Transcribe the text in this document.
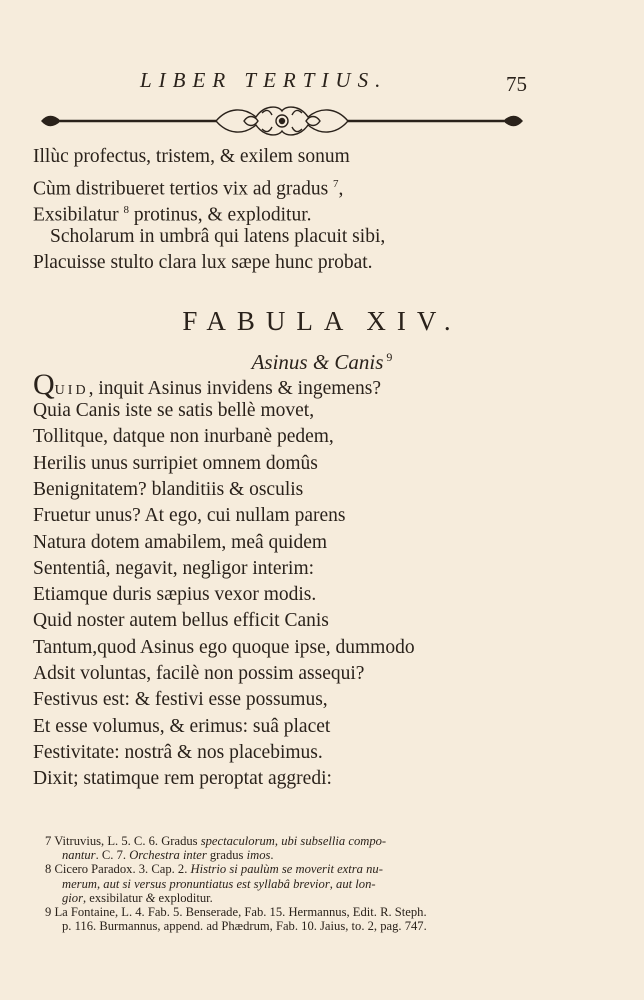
LIBER TERTIUS.	75
Illùc profectus, tristem, & exilem sonum
Cùm distribueret tertios vix ad gradus $^7$,
Exsibilatur $^8$ protinus, & exploditur.
Scholarum in umbrâ qui latens placuit sibi,
Placuisse stulto clara lux sæpe hunc probat.
FABULA XIV.
Asinus & Canis $^9$
QUID, inquit Asinus invidens & ingemens?
Quia Canis iste se satis bellè movet,
Tollitque, datque non inurbanè pedem,
Herilis unus surripiet omnem domûs
Benignitatem? blanditiis & osculis
Fruetur unus? At ego, cui nullam parens
Natura dotem amabilem, meâ quidem
Sententiâ, negavit, negligor interim:
Etiamque duris sæpius vexor modis.
Quid noster autem bellus efficit Canis
Tantum,quod Asinus ego quoque ipse, dummodo
Adsit voluntas, facilè non possim assequi?
Festivus est: & festivi esse possumus,
Et esse volumus, & erimus: suâ placet
Festivitate: nostrâ & nos placebimus.
Dixit; statimque rem peroptat aggredi:
7 Vitruvius, L. 5. C. 6. Gradus spectaculorum, ubi subsellia compo-
nantur. C. 7. Orchestra inter gradus imos.
8 Cicero Paradox. 3. Cap. 2. Histrio si paulùm se moverit extra nu-
merum, aut si versus pronuntiatus est syllabâ brevior, aut lon-
gior, exsibilatur & exploditur.
9 La Fontaine, L. 4. Fab. 5. Benserade, Fab. 15. Hermannus, Edit. R. Steph.
p. 116. Burmannus, append. ad Phædrum, Fab. 10. Jaius, to. 2, pag. 747.
